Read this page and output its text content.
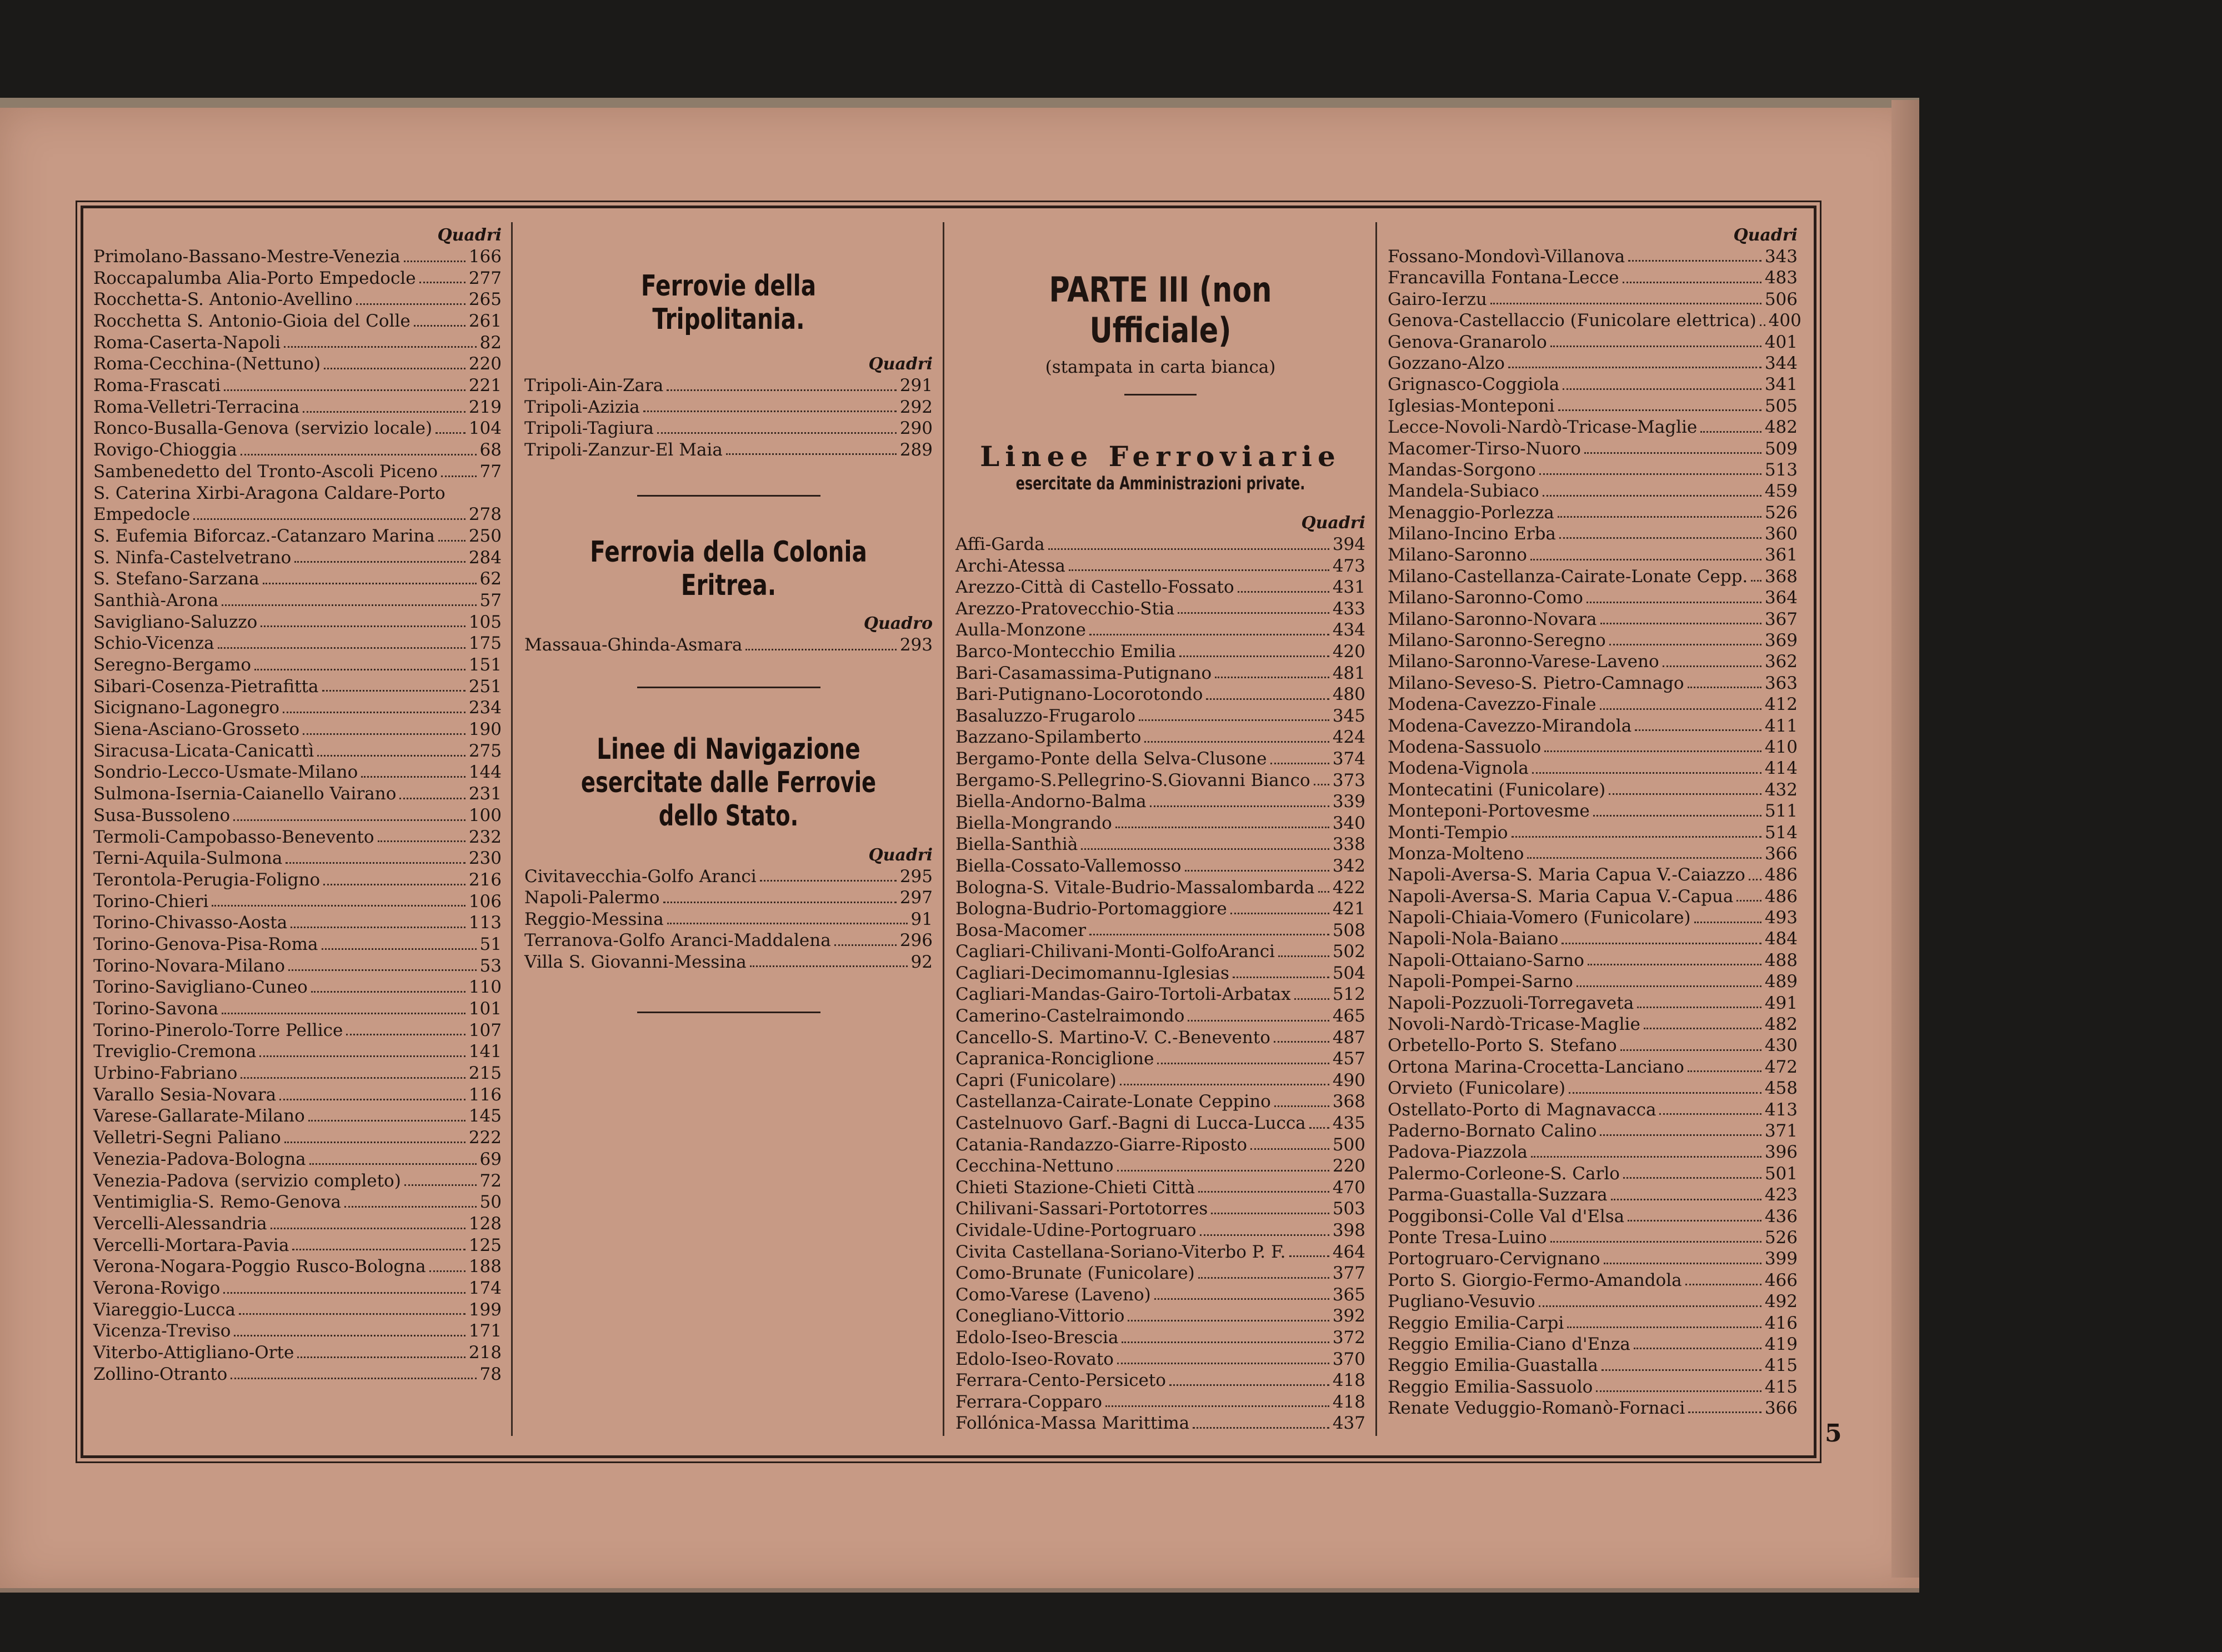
Quadri
Primolano-Bassano-Mestre-Venezia	166
Roccapalumba Alia-Porto Empedocle	277
Rocchetta-S. Antonio-Avellino	265
Rocchetta S. Antonio-Gioia del Colle	261
Roma-Caserta-Napoli	82
Roma-Cecchina-(Nettuno)	220
Roma-Frascati	221
Roma-Velletri-Terracina	219
Ronco-Busalla-Genova (servizio locale) 104
Rovigo-Chioggia	68
Sambenedetto del Tronto-Ascoli Piceno 77
S. Caterina Xirbi-Aragona Caldare-Porto
Empedocle	278
S. Eufemia Biforcaz.-Catanzaro Marina 250
S. Ninfa-Castelvetrano	284
S. Stefano-Sarzana	62
Santhià-Arona	57
Savigliano-Saluzzo	105
Schio-Vicenza	175
Seregno-Bergamo	151
Sibari-Cosenza-Pietrafitta	251
Sicignano-Lagonegro	234
Siena-Asciano-Grosseto	190
Siracusa-Licata-Canicattì	275
Sondrio-Lecco-Usmate-Milano	144
Sulmona-Isernia-Caianello Vairano	231
Susa-Bussoleno	100
Termoli-Campobasso-Benevento	232
Terni-Aquila-Sulmona	230
Terontola-Perugia-Foligno	216
Torino-Chieri	106
Torino-Chivasso-Aosta	113
Torino-Genova-Pisa-Roma	51
Torino-Novara-Milano	53
Torino-Savigliano-Cuneo	110
Torino-Savona	101
Torino-Pinerolo-Torre Pellice	107
Treviglio-Cremona	141
Urbino-Fabriano	215
Varallo Sesia-Novara	116
Varese-Gallarate-Milano	145
Velletri-Segni Paliano	222
Venezia-Padova-Bologna	69
Venezia-Padova (servizio completo)	72
Ventimiglia-S. Remo-Genova	50
Vercelli-Alessandria	128
Vercelli-Mortara-Pavia	125
Verona-Nogara-Poggio Rusco-Bologna 188
Verona-Rovigo	174
Viareggio-Lucca	199
Vicenza-Treviso	171
Viterbo-Attigliano-Orte	218
Zollino-Otranto	78
Ferrovie della Tripolitania.
Quadri
Tripoli-Ain-Zara	291
Tripoli-Azizia	292
Tripoli-Tagiura	290
Tripoli-Zanzur-El Maia	289
Ferrovia della Colonia Eritrea.
Quadro
Massaua-Ghinda-Asmara	293
Linee di Navigazione
esercitate dalle Ferrovie dello Stato.
Quadri
Civitavecchia-Golfo Aranci	295
Napoli-Palermo	297
Reggio-Messina	91
Terranova-Golfo Aranci-Maddalena	296
Villa S. Giovanni-Messina	92
PARTE III (non Ufficiale)
(stampata in carta bianca)
Linee Ferroviarie
esercitate da Amministrazioni private.
Quadri
Affi-Garda	394
Archi-Atessa	473
Arezzo-Città di Castello-Fossato	431
Arezzo-Pratovecchio-Stia	433
Aulla-Monzone	434
Barco-Montecchio Emilia	420
Bari-Casamassima-Putignano	481
Bari-Putignano-Locorotondo	480
Basaluzzo-Frugarolo	345
Bazzano-Spilamberto	424
Bergamo-Ponte della Selva-Clusone	374
Bergamo-S.Pellegrino-S.Giovanni Bianco 373
Biella-Andorno-Balma	339
Biella-Mongrando	340
Biella-Santhià	338
Biella-Cossato-Vallemosso	342
Bologna-S. Vitale-Budrio-Massalombarda 422
Bologna-Budrio-Portomaggiore	421
Bosa-Macomer	508
Cagliari-Chilivani-Monti-GolfoAranci	502
Cagliari-Decimomannu-Iglesias	504
Cagliari-Mandas-Gairo-Tortoli-Arbatax 512
Camerino-Castelraimondo	465
Cancello-S. Martino-V. C.-Benevento	487
Capranica-Ronciglione	457
Capri (Funicolare)	490
Castellanza-Cairate-Lonate Ceppino	368
Castelnuovo Garf.-Bagni di Lucca-Lucca 435
Catania-Randazzo-Giarre-Riposto	500
Cecchina-Nettuno	220
Chieti Stazione-Chieti Città	470
Chilivani-Sassari-Portotorres	503
Cividale-Udine-Portogruaro	398
Civita Castellana-Soriano-Viterbo P. F.	464
Como-Brunate (Funicolare)	377
Como-Varese (Laveno)	365
Conegliano-Vittorio	392
Edolo-Iseo-Brescia	372
Edolo-Iseo-Rovato	370
Ferrara-Cento-Persiceto	418
Ferrara-Copparo	418
Follónica-Massa Marittima	437
Quadri
Fossano-Mondovì-Villanova	343
Francavilla Fontana-Lecce	483
Gairo-Ierzu	506
Genova-Castellaccio (Funicolare elettrica) 400
Genova-Granarolo	401
Gozzano-Alzo	344
Grignasco-Coggiola	341
Iglesias-Monteponi	505
Lecce-Novoli-Nardò-Tricase-Maglie	482
Macomer-Tirso-Nuoro	509
Mandas-Sorgono	513
Mandela-Subiaco	459
Menaggio-Porlezza	526
Milano-Incino Erba	360
Milano-Saronno	361
Milano-Castellanza-Cairate-Lonate Cepp. 368
Milano-Saronno-Como	364
Milano-Saronno-Novara	367
Milano-Saronno-Seregno	369
Milano-Saronno-Varese-Laveno	362
Milano-Seveso-S. Pietro-Camnago	363
Modena-Cavezzo-Finale	412
Modena-Cavezzo-Mirandola	411
Modena-Sassuolo	410
Modena-Vignola	414
Montecatini (Funicolare)	432
Monteponi-Portovesme	511
Monti-Tempio	514
Monza-Molteno	366
Napoli-Aversa-S. Maria Capua V.-Caiazzo 486
Napoli-Aversa-S. Maria Capua V.-Capua 486
Napoli-Chiaia-Vomero (Funicolare)	493
Napoli-Nola-Baiano	484
Napoli-Ottaiano-Sarno	488
Napoli-Pompei-Sarno	489
Napoli-Pozzuoli-Torregaveta	491
Novoli-Nardò-Tricase-Maglie	482
Orbetello-Porto S. Stefano	430
Ortona Marina-Crocetta-Lanciano	472
Orvieto (Funicolare)	458
Ostellato-Porto di Magnavacca	413
Paderno-Bornato Calino	371
Padova-Piazzola	396
Palermo-Corleone-S. Carlo	501
Parma-Guastalla-Suzzara	423
Poggibonsi-Colle Val d'Elsa	436
Ponte Tresa-Luino	526
Portogruaro-Cervignano	399
Porto S. Giorgio-Fermo-Amandola	466
Pugliano-Vesuvio	492
Reggio Emilia-Carpi	416
Reggio Emilia-Ciano d'Enza	419
Reggio Emilia-Guastalla	415
Reggio Emilia-Sassuolo	415
Renate Veduggio-Romanò-Fornaci	366
5
